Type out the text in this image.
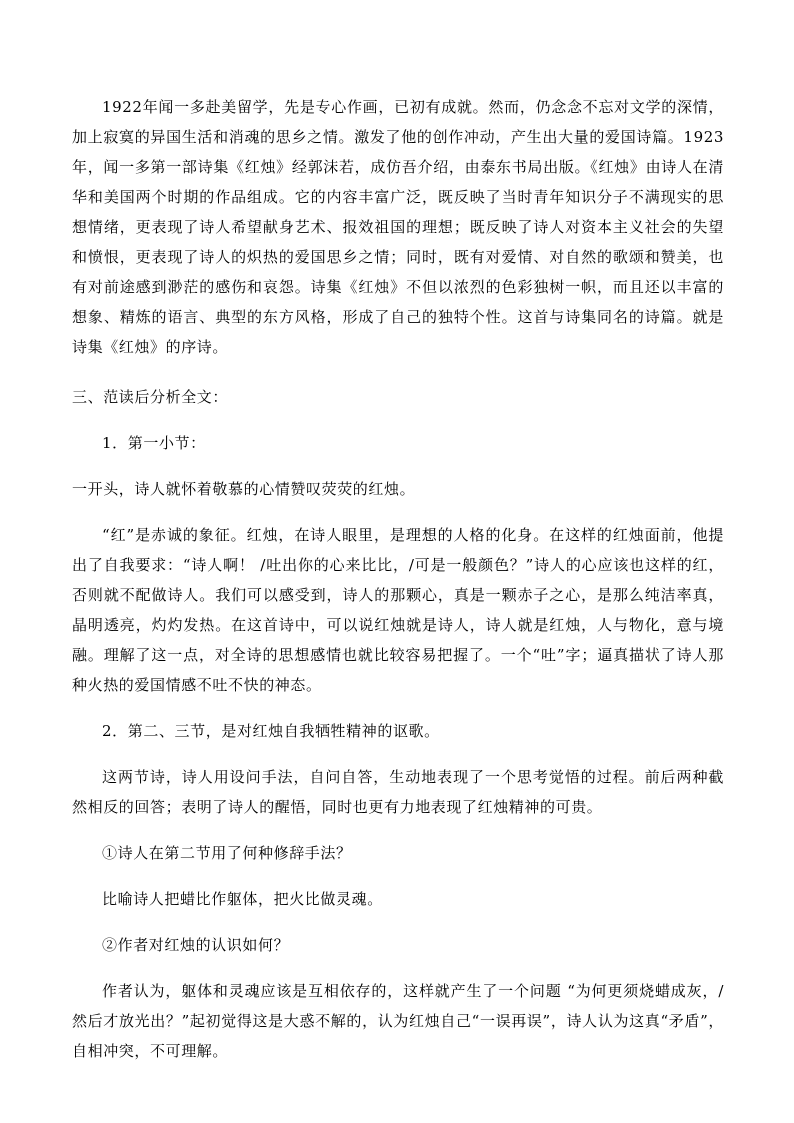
1922年闻一多赴美留学，先是专心作画，已初有成就。然而，仍念念不忘对文学的深情，加上寂寞的异国生活和消魂的思乡之情。激发了他的创作冲动，产生出大量的爱国诗篇。1923年，闻一多第一部诗集《红烛》经郭沫若，成仿吾介绍，由泰东书局出版。《红烛》由诗人在清华和美国两个时期的作品组成。它的内容丰富广泛，既反映了当时青年知识分子不满现实的思想情绪，更表现了诗人希望献身艺术、报效祖国的理想；既反映了诗人对资本主义社会的失望和愤恨，更表现了诗人的炽热的爱国思乡之情；同时，既有对爱情、对自然的歌颂和赞美，也有对前途感到渺茫的感伤和哀怨。诗集《红烛》不但以浓烈的色彩独树一帜，而且还以丰富的想象、精炼的语言、典型的东方风格，形成了自己的独特个性。这首与诗集同名的诗篇。就是诗集《红烛》的序诗。

三、范读后分析全文：

1．第一小节：

一开头，诗人就怀着敬慕的心情赞叹荧荧的红烛。

“红”是赤诚的象征。红烛，在诗人眼里，是理想的人格的化身。在这样的红烛面前，他提出了自我要求：“诗人啊！ /吐出你的心来比比，/可是一般颜色？”诗人的心应该也这样的红，否则就不配做诗人。我们可以感受到，诗人的那颗心，真是一颗赤子之心，是那么纯洁率真，晶明透亮，灼灼发热。在这首诗中，可以说红烛就是诗人，诗人就是红烛，人与物化，意与境融。理解了这一点，对全诗的思想感情也就比较容易把握了。一个“吐”字；逼真描状了诗人那种火热的爱国情感不吐不快的神态。

2．第二、三节，是对红烛自我牺牲精神的讴歌。

这两节诗，诗人用设问手法，自问自答，生动地表现了一个思考觉悟的过程。前后两种截然相反的回答；表明了诗人的醒悟，同时也更有力地表现了红烛精神的可贵。

①诗人在第二节用了何种修辞手法？

比喻诗人把蜡比作躯体，把火比做灵魂。

②作者对红烛的认识如何？

作者认为，躯体和灵魂应该是互相依存的，这样就产生了一个问题 “为何更须烧蜡成灰，/然后才放光出？”起初觉得这是大惑不解的，认为红烛自己“一误再误”，诗人认为这真“矛盾”，自相冲突，不可理解。
